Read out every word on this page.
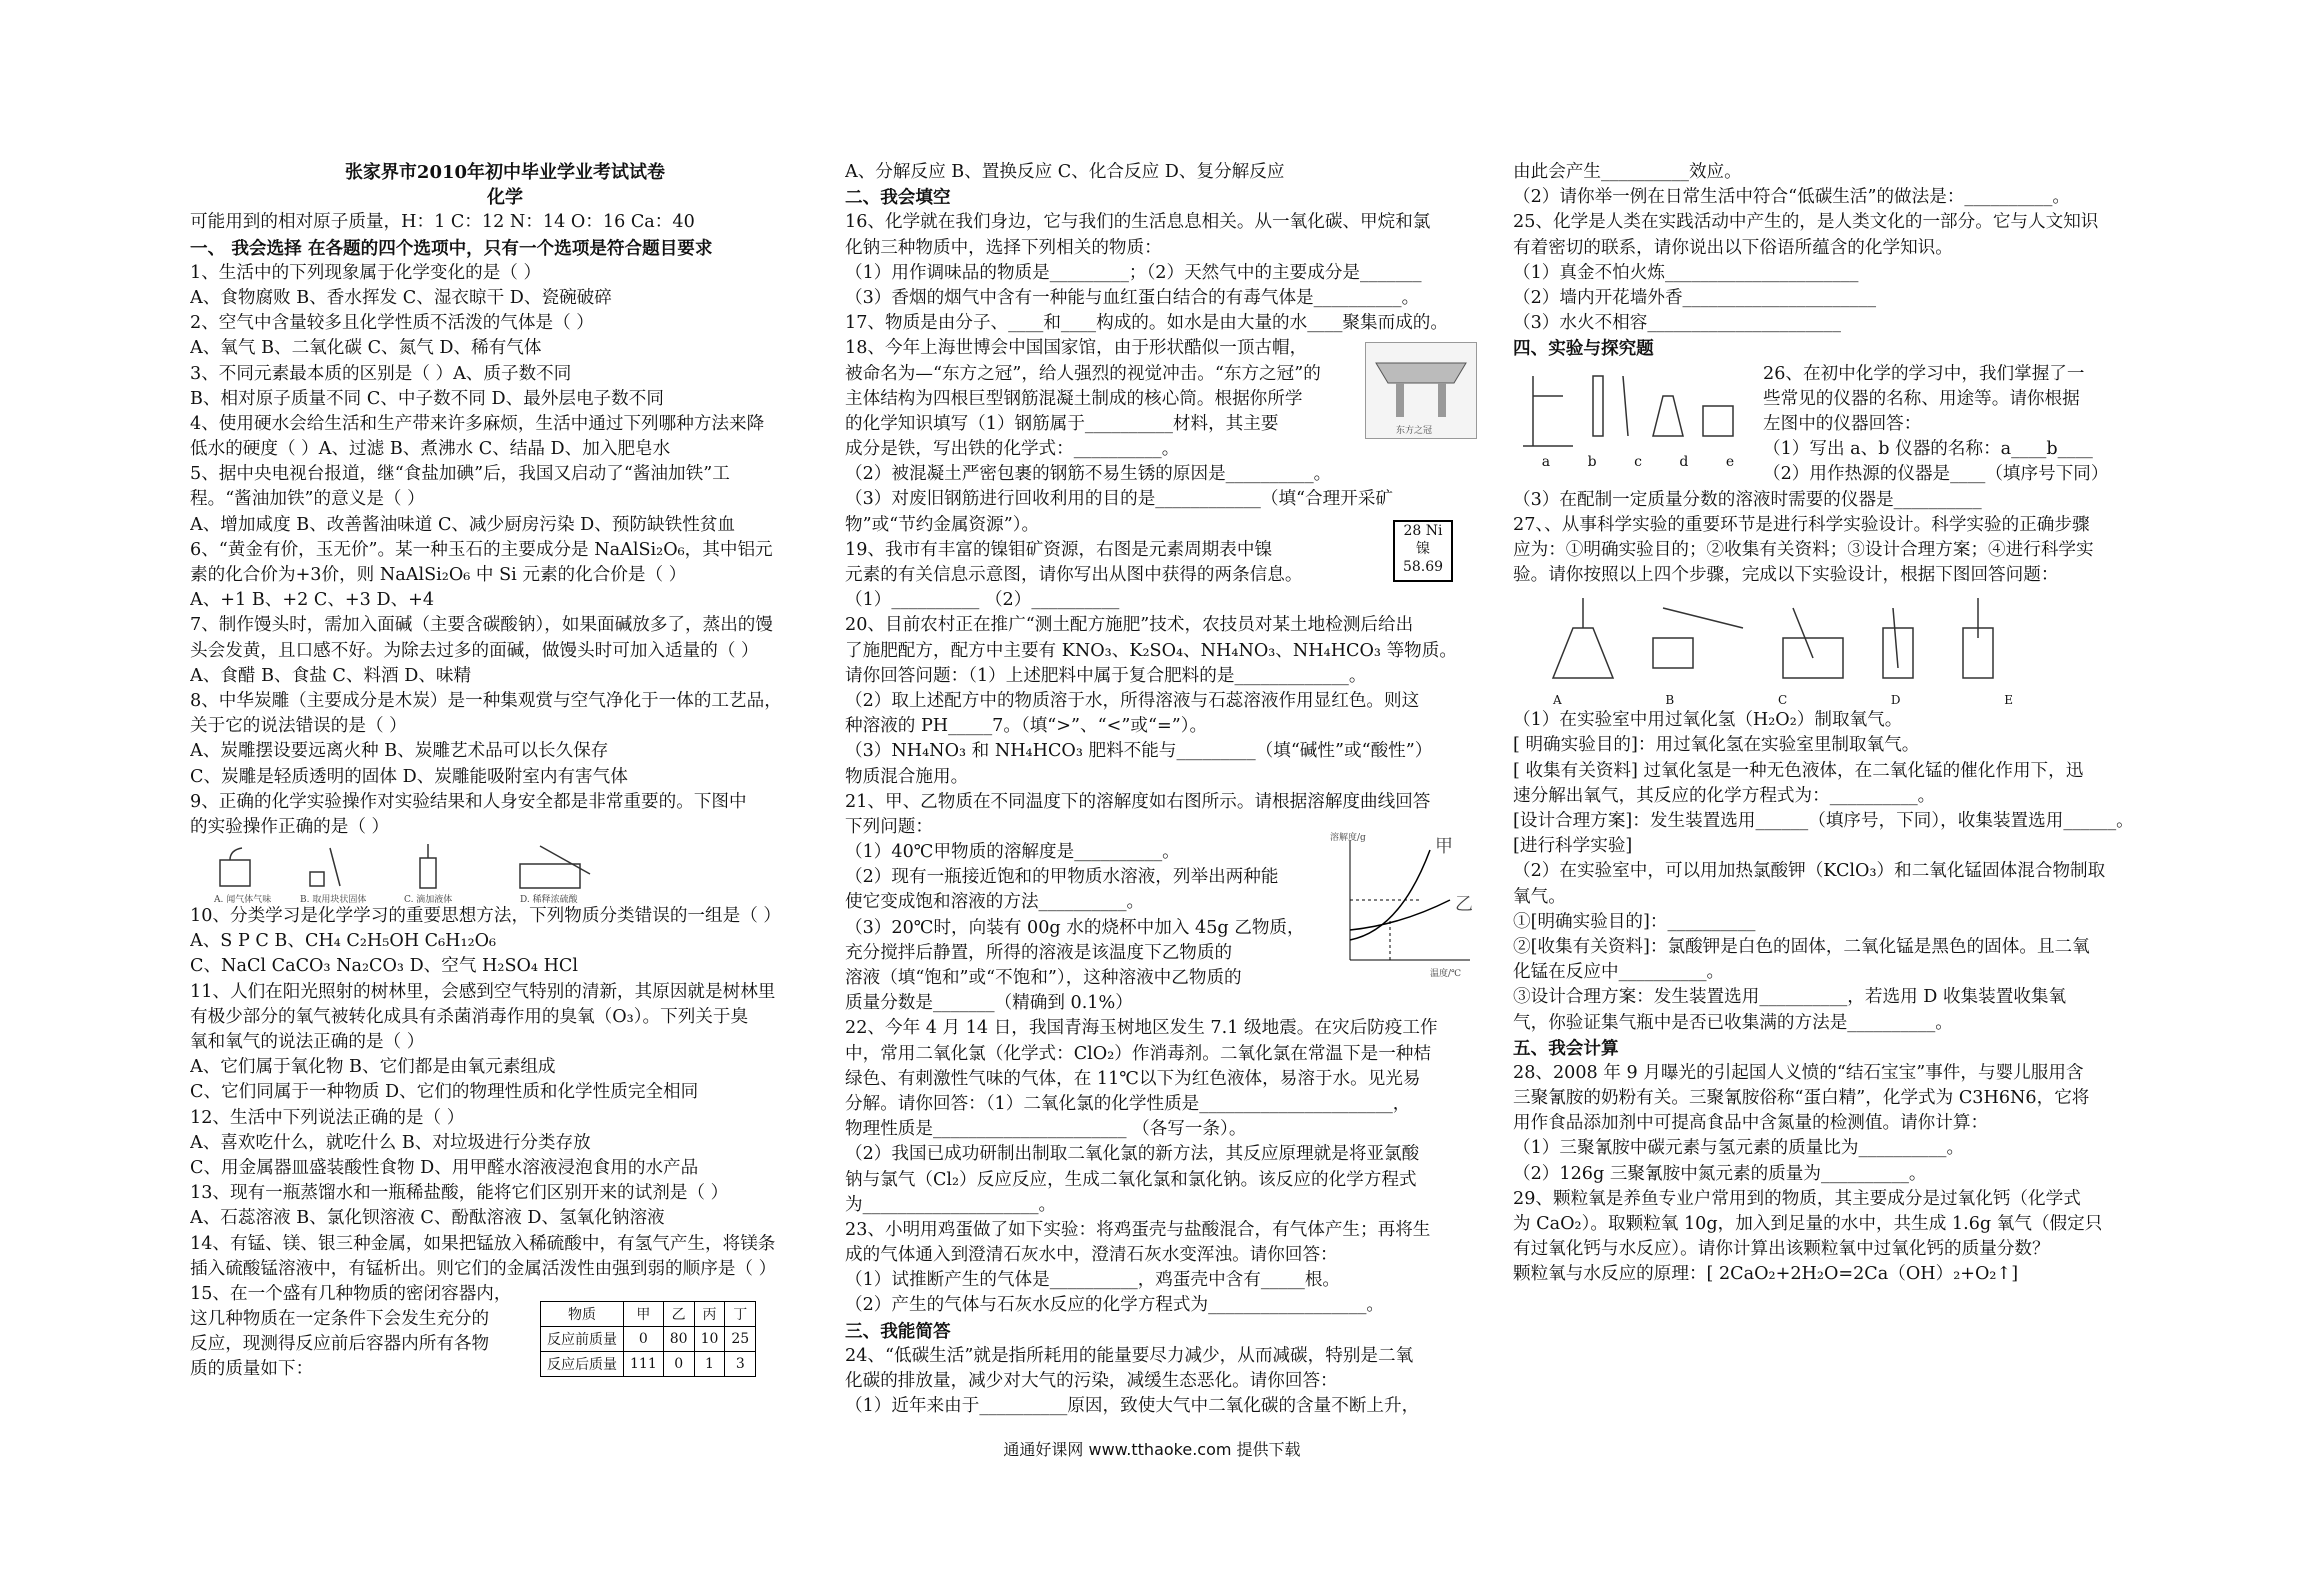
张家界市2010年初中毕业学业考试试卷
化学
可能用到的相对原子质量，H：1 C：12 N：14 O：16 Ca：40
一、 我会选择 在各题的四个选项中，只有一个选项是符合题目要求
1、生活中的下列现象属于化学变化的是（ ）
A、食物腐败 B、香水挥发 C、湿衣晾干 D、瓷碗破碎
2、空气中含量较多且化学性质不活泼的气体是（ ）
A、氧气 B、二氧化碳 C、氮气 D、稀有气体
3、不同元素最本质的区别是（ ）A、质子数不同
B、相对原子质量不同 C、中子数不同 D、最外层电子数不同
4、使用硬水会给生活和生产带来许多麻烦，生活中通过下列哪种方法来降
低水的硬度（ ）A、过滤 B、煮沸水 C、结晶 D、加入肥皂水
5、据中央电视台报道，继“食盐加碘”后，我国又启动了“酱油加铁”工
程。“酱油加铁”的意义是（ ）
A、增加咸度 B、改善酱油味道 C、减少厨房污染 D、预防缺铁性贫血
6、“黄金有价，玉无价”。某一种玉石的主要成分是 NaAlSi₂O₆，其中铝元
素的化合价为+3价，则 NaAlSi₂O₆ 中 Si 元素的化合价是（ ）
A、+1 B、+2 C、+3 D、+4
7、制作馒头时，需加入面碱（主要含碳酸钠），如果面碱放多了，蒸出的馒
头会发黄，且口感不好。为除去过多的面碱，做馒头时可加入适量的（ ）
A、食醋 B、食盐 C、料酒 D、味精
8、中华炭雕（主要成分是木炭）是一种集观赏与空气净化于一体的工艺品，
关于它的说法错误的是（ ）
A、炭雕摆设要远离火种 B、炭雕艺术品可以长久保存
C、炭雕是轻质透明的固体 D、炭雕能吸附室内有害气体
9、正确的化学实验操作对实验结果和人身安全都是非常重要的。下图中
的实验操作正确的是（ ）
A. 闻气体气味	B. 取用块状固体	C. 滴加液体	D. 稀释浓硫酸
10、分类学习是化学学习的重要思想方法，下列物质分类错误的一组是（ ）
A、S P C B、CH₄ C₂H₅OH C₆H₁₂O₆
C、NaCl CaCO₃ Na₂CO₃ D、空气 H₂SO₄ HCl
11、人们在阳光照射的树林里，会感到空气特别的清新，其原因就是树林里
有极少部分的氧气被转化成具有杀菌消毒作用的臭氧（O₃）。下列关于臭
氧和氧气的说法正确的是（ ）
A、它们属于氧化物 B、它们都是由氧元素组成
C、它们同属于一种物质 D、它们的物理性质和化学性质完全相同
12、生活中下列说法正确的是（ ）
A、喜欢吃什么，就吃什么 B、对垃圾进行分类存放
C、用金属器皿盛装酸性食物 D、用甲醛水溶液浸泡食用的水产品
13、现有一瓶蒸馏水和一瓶稀盐酸，能将它们区别开来的试剂是（ ）
A、石蕊溶液 B、氯化钡溶液 C、酚酞溶液 D、氢氧化钠溶液
14、有锰、镁、银三种金属，如果把锰放入稀硫酸中，有氢气产生，将镁条
插入硫酸锰溶液中，有锰析出。则它们的金属活泼性由强到弱的顺序是（ ）
15、在一个盛有几种物质的密闭容器内，
这几种物质在一定条件下会发生充分的
反应，现测得反应前后容器内所有各物
质的质量如下：
物质	甲	乙	丙	丁
反应前质量	0	80	10	25
反应后质量	111	0	1	3
A、分解反应 B、置换反应 C、化合反应 D、复分解反应
二、我会填空
16、化学就在我们身边，它与我们的生活息息相关。从一氧化碳、甲烷和氯
化钠三种物质中，选择下列相关的物质：
（1）用作调味品的物质是_________；（2）天然气中的主要成分是_______
（3）香烟的烟气中含有一种能与血红蛋白结合的有毒气体是__________。
17、物质是由分子、____和____构成的。如水是由大量的水____聚集而成的。
18、今年上海世博会中国国家馆，由于形状酷似一顶古帽，
被命名为—“东方之冠”，给人强烈的视觉冲击。“东方之冠”的
主体结构为四根巨型钢筋混凝土制成的核心筒。根据你所学
的化学知识填写（1）钢筋属于__________材料，其主要
成分是铁，写出铁的化学式：__________。
（2）被混凝土严密包裹的钢筋不易生锈的原因是__________。
（3）对废旧钢筋进行回收利用的目的是____________（填“合理开采矿
物”或“节约金属资源”）。
19、我市有丰富的镍钼矿资源，右图是元素周期表中镍
元素的有关信息示意图，请你写出从图中获得的两条信息。
（1）__________ （2）__________
20、目前农村正在推广“测土配方施肥”技术，农技员对某土地检测后给出
了施肥配方，配方中主要有 KNO₃、K₂SO₄、NH₄NO₃、NH₄HCO₃ 等物质。
请你回答问题：（1）上述肥料中属于复合肥料的是_____________。
（2）取上述配方中的物质溶于水，所得溶液与石蕊溶液作用显红色。则这
种溶液的 PH_____7。（填“>”、“<”或“=”）。
（3）NH₄NO₃ 和 NH₄HCO₃ 肥料不能与_________（填“碱性”或“酸性”）
物质混合施用。
21、甲、乙物质在不同温度下的溶解度如右图所示。请根据溶解度曲线回答
下列问题：
（1）40℃甲物质的溶解度是__________。
（2）现有一瓶接近饱和的甲物质水溶液，列举出两种能
使它变成饱和溶液的方法__________。
（3）20℃时，向装有 00g 水的烧杯中加入 45g 乙物质，
充分搅拌后静置，所得的溶液是该温度下乙物质的
溶液（填“饱和”或“不饱和”），这种溶液中乙物质的
质量分数是_______（精确到 0.1%）
22、今年 4 月 14 日，我国青海玉树地区发生 7.1 级地震。在灾后防疫工作
中，常用二氧化氯（化学式：ClO₂）作消毒剂。二氧化氯在常温下是一种桔
绿色、有刺激性气味的气体，在 11℃以下为红色液体，易溶于水。见光易
分解。请你回答：（1）二氧化氯的化学性质是______________________，
物理性质是______________________ （各写一条）。
（2）我国已成功研制出制取二氧化氯的新方法，其反应原理就是将亚氯酸
钠与氯气（Cl₂）反应反应，生成二氧化氯和氯化钠。该反应的化学方程式
为____________________。
23、小明用鸡蛋做了如下实验：将鸡蛋壳与盐酸混合，有气体产生；再将生
成的气体通入到澄清石灰水中，澄清石灰水变浑浊。请你回答：
（1）试推断产生的气体是__________，鸡蛋壳中含有_____根。
（2）产生的气体与石灰水反应的化学方程式为__________________。
三、我能简答
24、“低碳生活”就是指所耗用的能量要尽力减少，从而减碳，特别是二氧
化碳的排放量，减少对大气的污染，减缓生态恶化。请你回答：
（1）近年来由于__________原因，致使大气中二氧化碳的含量不断上升，
东方之冠
28 Ni
镍
58.69
甲
乙
溶解度/g
温度/℃
由此会产生__________效应。
（2）请你举一例在日常生活中符合“低碳生活”的做法是：__________。
25、化学是人类在实践活动中产生的，是人类文化的一部分。它与人文知识
有着密切的联系，请你说出以下俗语所蕴含的化学知识。
（1）真金不怕火炼______________________
（2）墙内开花墙外香______________________
（3）水火不相容______________________
四、实验与探究题
a	b	c	d	e
26、在初中化学的学习中，我们掌握了一
些常见的仪器的名称、用途等。请你根据
左图中的仪器回答：
（1）写出 a、b 仪器的名称：a____b____
（2）用作热源的仪器是____（填序号下同）
（3）在配制一定质量分数的溶液时需要的仪器是__________
27、、从事科学实验的重要环节是进行科学实验设计。科学实验的正确步骤
应为：①明确实验目的；②收集有关资料；③设计合理方案；④进行科学实
验。请你按照以上四个步骤，完成以下实验设计，根据下图回答问题：
A	B	C	D	E
（1）在实验室中用过氧化氢（H₂O₂）制取氧气。
[ 明确实验目的]：用过氧化氢在实验室里制取氧气。
[ 收集有关资料] 过氧化氢是一种无色液体，在二氧化锰的催化作用下，迅
速分解出氧气，其反应的化学方程式为：__________。
[设计合理方案]：发生装置选用______（填序号，下同），收集装置选用______。
[进行科学实验]
（2）在实验室中，可以用加热氯酸钾（KClO₃）和二氧化锰固体混合物制取
氧气。
①[明确实验目的]：__________
②[收集有关资料]：氯酸钾是白色的固体，二氧化锰是黑色的固体。且二氧
化锰在反应中__________。
③设计合理方案：发生装置选用__________，若选用 D 收集装置收集氧
气，你验证集气瓶中是否已收集满的方法是__________。
五、我会计算
28、2008 年 9 月曝光的引起国人义愤的“结石宝宝”事件，与婴儿服用含
三聚氰胺的奶粉有关。三聚氰胺俗称“蛋白精”，化学式为 C3H6N6，它将
用作食品添加剂中可提高食品中含氮量的检测值。请你计算：
（1）三聚氰胺中碳元素与氢元素的质量比为__________。
（2）126g 三聚氰胺中氮元素的质量为__________。
29、颗粒氧是养鱼专业户常用到的物质，其主要成分是过氧化钙（化学式
为 CaO₂）。取颗粒氧 10g，加入到足量的水中，共生成 1.6g 氧气（假定只
有过氧化钙与水反应）。请你计算出该颗粒氧中过氧化钙的质量分数？
颗粒氧与水反应的原理：[ 2CaO₂+2H₂O=2Ca（OH）₂+O₂↑]
通通好课网 www.tthaoke.com 提供下载
